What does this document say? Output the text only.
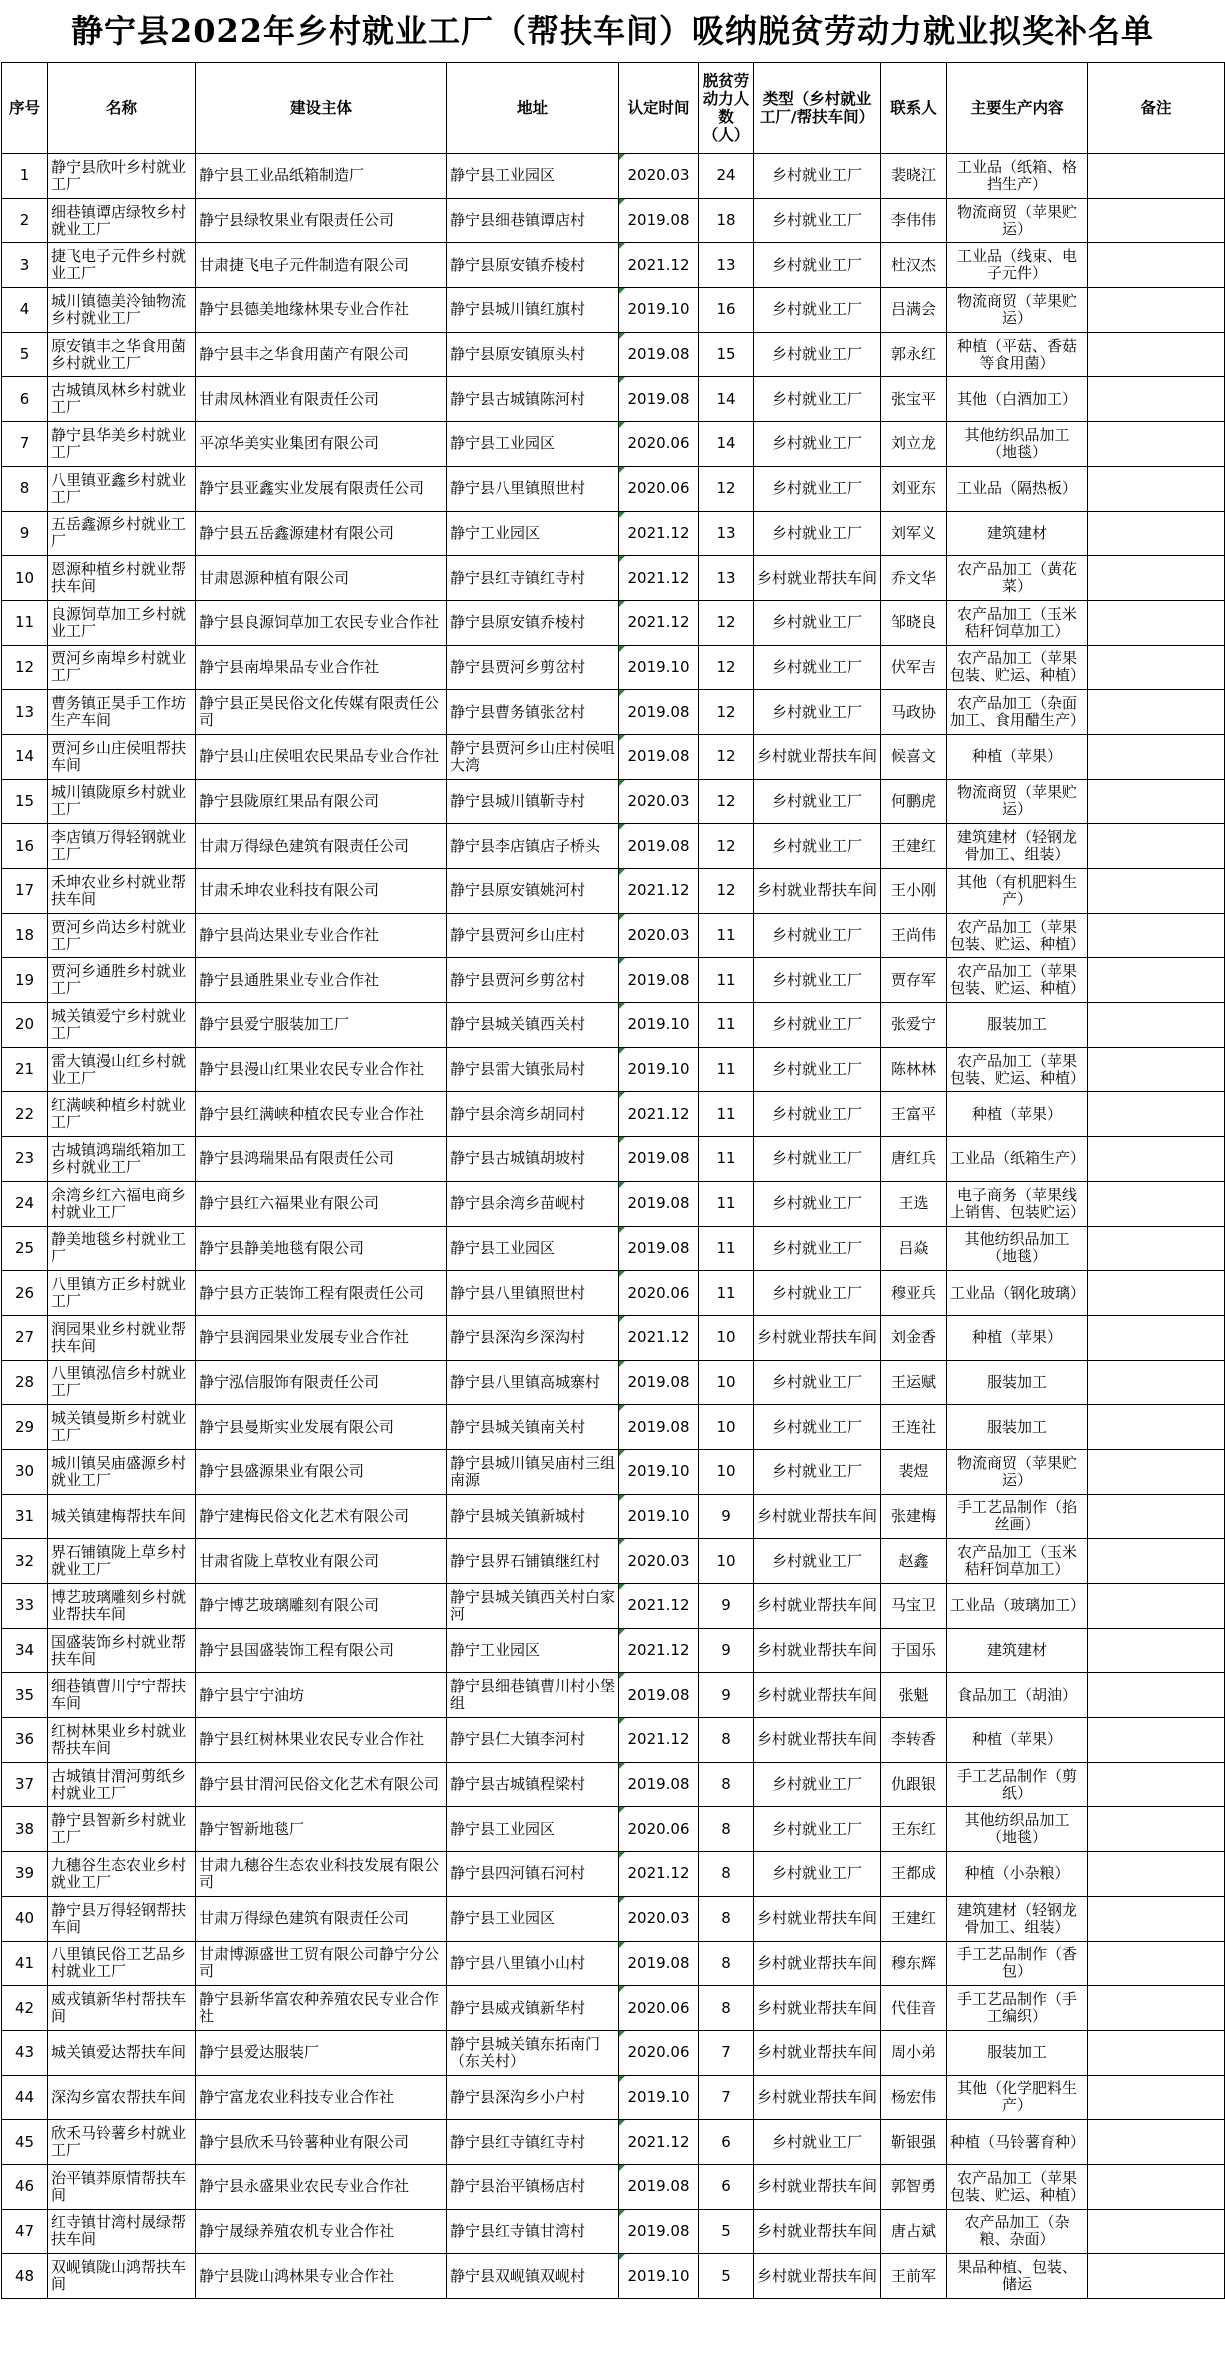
静宁县2022年乡村就业工厂（帮扶车间）吸纳脱贫劳动力就业拟奖补名单
序号	名称	建设主体	地址	认定时间	脱贫劳动力人数（人）	类型（乡村就业工厂/帮扶车间）	联系人	主要生产内容	备注
1	静宁县欣叶乡村就业工厂	静宁县工业品纸箱制造厂	静宁县工业园区	2020.03	24	乡村就业工厂	裴晓江	工业品（纸箱、格挡生产）	
2	细巷镇谭店绿牧乡村就业工厂	静宁县绿牧果业有限责任公司	静宁县细巷镇谭店村	2019.08	18	乡村就业工厂	李伟伟	物流商贸（苹果贮运）	
3	捷飞电子元件乡村就业工厂	甘肃捷飞电子元件制造有限公司	静宁县原安镇乔棱村	2021.12	13	乡村就业工厂	杜汉杰	工业品（线束、电子元件）	
4	城川镇德美泠铀物流乡村就业工厂	静宁县德美地缘林果专业合作社	静宁县城川镇红旗村	2019.10	16	乡村就业工厂	吕满会	物流商贸（苹果贮运）	
5	原安镇丰之华食用菌乡村就业工厂	静宁县丰之华食用菌产有限公司	静宁县原安镇原头村	2019.08	15	乡村就业工厂	郭永红	种植（平菇、香菇等食用菌）	
6	古城镇凤林乡村就业工厂	甘肃凤林酒业有限责任公司	静宁县古城镇陈河村	2019.08	14	乡村就业工厂	张宝平	其他（白酒加工）	
7	静宁县华美乡村就业工厂	平凉华美实业集团有限公司	静宁县工业园区	2020.06	14	乡村就业工厂	刘立龙	其他纺织品加工（地毯）	
8	八里镇亚鑫乡村就业工厂	静宁县亚鑫实业发展有限责任公司	静宁县八里镇照世村	2020.06	12	乡村就业工厂	刘亚东	工业品（隔热板）	
9	五岳鑫源乡村就业工厂	静宁县五岳鑫源建材有限公司	静宁工业园区	2021.12	13	乡村就业工厂	刘军义	建筑建材	
10	恩源种植乡村就业帮扶车间	甘肃恩源种植有限公司	静宁县红寺镇红寺村	2021.12	13	乡村就业帮扶车间	乔文华	农产品加工（黄花菜）	
11	良源饲草加工乡村就业工厂	静宁县良源饲草加工农民专业合作社	静宁县原安镇乔棱村	2021.12	12	乡村就业工厂	邹晓良	农产品加工（玉米秸秆饲草加工）	
12	贾河乡南埠乡村就业工厂	静宁县南埠果品专业合作社	静宁县贾河乡剪岔村	2019.10	12	乡村就业工厂	伏军吉	农产品加工（苹果包装、贮运、种植）	
13	曹务镇正昊手工作坊生产车间	静宁县正昊民俗文化传媒有限责任公司	静宁县曹务镇张岔村	2019.08	12	乡村就业工厂	马政协	农产品加工（杂面加工、食用醋生产）	
14	贾河乡山庄侯咀帮扶车间	静宁县山庄侯咀农民果品专业合作社	静宁县贾河乡山庄村侯咀大湾	2019.08	12	乡村就业帮扶车间	候喜文	种植（苹果）	
15	城川镇陇原乡村就业工厂	静宁县陇原红果品有限公司	静宁县城川镇靳寺村	2020.03	12	乡村就业工厂	何鹏虎	物流商贸（苹果贮运）	
16	李店镇万得轻钢就业工厂	甘肃万得绿色建筑有限责任公司	静宁县李店镇店子桥头	2019.08	12	乡村就业工厂	王建红	建筑建材（轻钢龙骨加工、组装）	
17	禾坤农业乡村就业帮扶车间	甘肃禾坤农业科技有限公司	静宁县原安镇姚河村	2021.12	12	乡村就业帮扶车间	王小刚	其他（有机肥料生产）	
18	贾河乡尚达乡村就业工厂	静宁县尚达果业专业合作社	静宁县贾河乡山庄村	2020.03	11	乡村就业工厂	王尚伟	农产品加工（苹果包装、贮运、种植）	
19	贾河乡通胜乡村就业工厂	静宁县通胜果业专业合作社	静宁县贾河乡剪岔村	2019.08	11	乡村就业工厂	贾存军	农产品加工（苹果包装、贮运、种植）	
20	城关镇爱宁乡村就业工厂	静宁县爱宁服装加工厂	静宁县城关镇西关村	2019.10	11	乡村就业工厂	张爱宁	服装加工	
21	雷大镇漫山红乡村就业工厂	静宁县漫山红果业农民专业合作社	静宁县雷大镇张局村	2019.10	11	乡村就业工厂	陈林林	农产品加工（苹果包装、贮运、种植）	
22	红满峡种植乡村就业工厂	静宁县红满峡种植农民专业合作社	静宁县余湾乡胡同村	2021.12	11	乡村就业工厂	王富平	种植（苹果）	
23	古城镇鸿瑞纸箱加工乡村就业工厂	静宁县鸿瑞果品有限责任公司	静宁县古城镇胡坡村	2019.08	11	乡村就业工厂	唐红兵	工业品（纸箱生产）	
24	余湾乡红六福电商乡村就业工厂	静宁县红六福果业有限公司	静宁县余湾乡苗岘村	2019.08	11	乡村就业工厂	王选	电子商务（苹果线上销售、包装贮运）	
25	静美地毯乡村就业工厂	静宁县静美地毯有限公司	静宁县工业园区	2019.08	11	乡村就业工厂	吕焱	其他纺织品加工（地毯）	
26	八里镇方正乡村就业工厂	静宁县方正装饰工程有限责任公司	静宁县八里镇照世村	2020.06	11	乡村就业工厂	穆亚兵	工业品（钢化玻璃）	
27	润园果业乡村就业帮扶车间	静宁县润园果业发展专业合作社	静宁县深沟乡深沟村	2021.12	10	乡村就业帮扶车间	刘金香	种植（苹果）	
28	八里镇泓信乡村就业工厂	静宁泓信服饰有限责任公司	静宁县八里镇高城寨村	2019.08	10	乡村就业工厂	王运赋	服装加工	
29	城关镇曼斯乡村就业工厂	静宁县曼斯实业发展有限公司	静宁县城关镇南关村	2019.08	10	乡村就业工厂	王连社	服装加工	
30	城川镇吴庙盛源乡村就业工厂	静宁县盛源果业有限公司	静宁县城川镇吴庙村三组南源	2019.10	10	乡村就业工厂	裴煜	物流商贸（苹果贮运）	
31	城关镇建梅帮扶车间	静宁建梅民俗文化艺术有限公司	静宁县城关镇新城村	2019.10	9	乡村就业帮扶车间	张建梅	手工艺品制作（掐丝画）	
32	界石铺镇陇上草乡村就业工厂	甘肃省陇上草牧业有限公司	静宁县界石铺镇继红村	2020.03	10	乡村就业工厂	赵鑫	农产品加工（玉米秸秆饲草加工）	
33	博艺玻璃雕刻乡村就业帮扶车间	静宁博艺玻璃雕刻有限公司	静宁县城关镇西关村白家河	2021.12	9	乡村就业帮扶车间	马宝卫	工业品（玻璃加工）	
34	国盛装饰乡村就业帮扶车间	静宁县国盛装饰工程有限公司	静宁工业园区	2021.12	9	乡村就业帮扶车间	于国乐	建筑建材	
35	细巷镇曹川宁宁帮扶车间	静宁县宁宁油坊	静宁县细巷镇曹川村小堡组	2019.08	9	乡村就业帮扶车间	张魁	食品加工（胡油）	
36	红树林果业乡村就业帮扶车间	静宁县红树林果业农民专业合作社	静宁县仁大镇李河村	2021.12	8	乡村就业帮扶车间	李转香	种植（苹果）	
37	古城镇甘渭河剪纸乡村就业工厂	静宁县甘渭河民俗文化艺术有限公司	静宁县古城镇程梁村	2019.08	8	乡村就业工厂	仇跟银	手工艺品制作（剪纸）	
38	静宁县智新乡村就业工厂	静宁智新地毯厂	静宁县工业园区	2020.06	8	乡村就业工厂	王东红	其他纺织品加工（地毯）	
39	九穗谷生态农业乡村就业工厂	甘肃九穗谷生态农业科技发展有限公司	静宁县四河镇石河村	2021.12	8	乡村就业工厂	王都成	种植（小杂粮）	
40	静宁县万得轻钢帮扶车间	甘肃万得绿色建筑有限责任公司	静宁县工业园区	2020.03	8	乡村就业帮扶车间	王建红	建筑建材（轻钢龙骨加工、组装）	
41	八里镇民俗工艺品乡村就业工厂	甘肃博源盛世工贸有限公司静宁分公司	静宁县八里镇小山村	2019.08	8	乡村就业帮扶车间	穆东辉	手工艺品制作（香包）	
42	威戎镇新华村帮扶车间	静宁县新华富农种养殖农民专业合作社	静宁县威戎镇新华村	2020.06	8	乡村就业帮扶车间	代佳音	手工艺品制作（手工编织）	
43	城关镇爱达帮扶车间	静宁县爱达服装厂	静宁县城关镇东拓南门（东关村）	2020.06	7	乡村就业帮扶车间	周小弟	服装加工	
44	深沟乡富农帮扶车间	静宁富龙农业科技专业合作社	静宁县深沟乡小户村	2019.10	7	乡村就业帮扶车间	杨宏伟	其他（化学肥料生产）	
45	欣禾马铃薯乡村就业工厂	静宁县欣禾马铃薯种业有限公司	静宁县红寺镇红寺村	2021.12	6	乡村就业工厂	靳银强	种植（马铃薯育种）	
46	治平镇莽原情帮扶车间	静宁县永盛果业农民专业合作社	静宁县治平镇杨店村	2019.08	6	乡村就业帮扶车间	郭智勇	农产品加工（苹果包装、贮运、种植）	
47	红寺镇甘湾村晟绿帮扶车间	静宁晟绿养殖农机专业合作社	静宁县红寺镇甘湾村	2019.08	5	乡村就业帮扶车间	唐占斌	农产品加工（杂粮、杂面）	
48	双岘镇陇山鸿帮扶车间	静宁县陇山鸿林果专业合作社	静宁县双岘镇双岘村	2019.10	5	乡村就业帮扶车间	王前军	果品种植、包装、储运	
